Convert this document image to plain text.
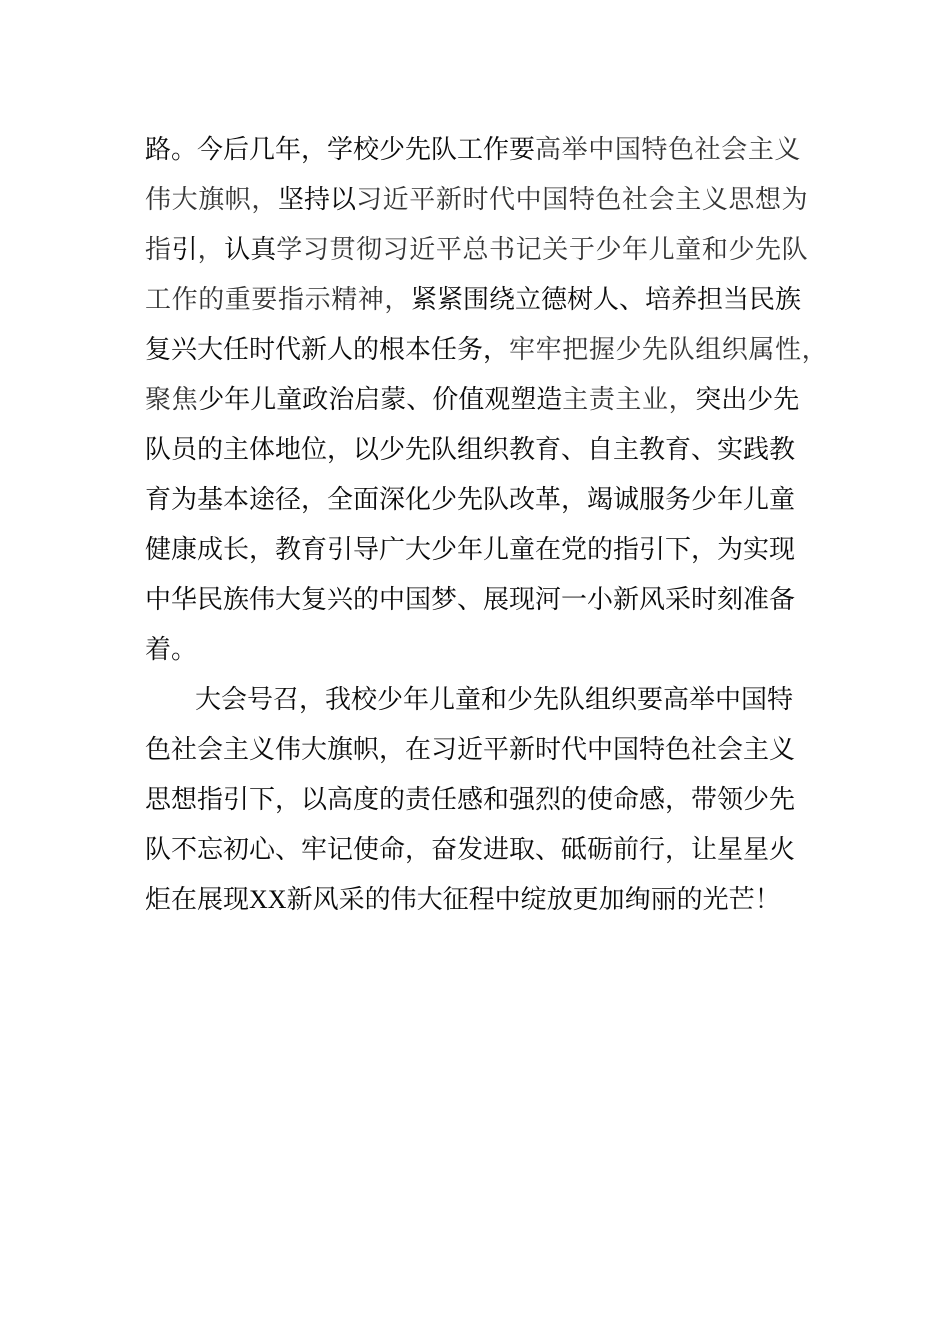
路。今后几年，学校少先队工作要高举中国特色社会主义
伟大旗帜，坚持以习近平新时代中国特色社会主义思想为
指引，认真学习贯彻习近平总书记关于少年儿童和少先队
工作的重要指示精神，紧紧围绕立德树人、培养担当民族
复兴大任时代新人的根本任务，牢牢把握少先队组织属性，
聚焦少年儿童政治启蒙、价值观塑造主责主业，突出少先
队员的主体地位，以少先队组织教育、自主教育、实践教
育为基本途径，全面深化少先队改革，竭诚服务少年儿童
健康成长，教育引导广大少年儿童在党的指引下，为实现
中华民族伟大复兴的中国梦、展现河一小新风采时刻准备
着。
大会号召，我校少年儿童和少先队组织要高举中国特
色社会主义伟大旗帜，在习近平新时代中国特色社会主义
思想指引下，以高度的责任感和强烈的使命感，带领少先
队不忘初心、牢记使命，奋发进取、砥砺前行，让星星火
炬在展现XX新风采的伟大征程中绽放更加绚丽的光芒！
